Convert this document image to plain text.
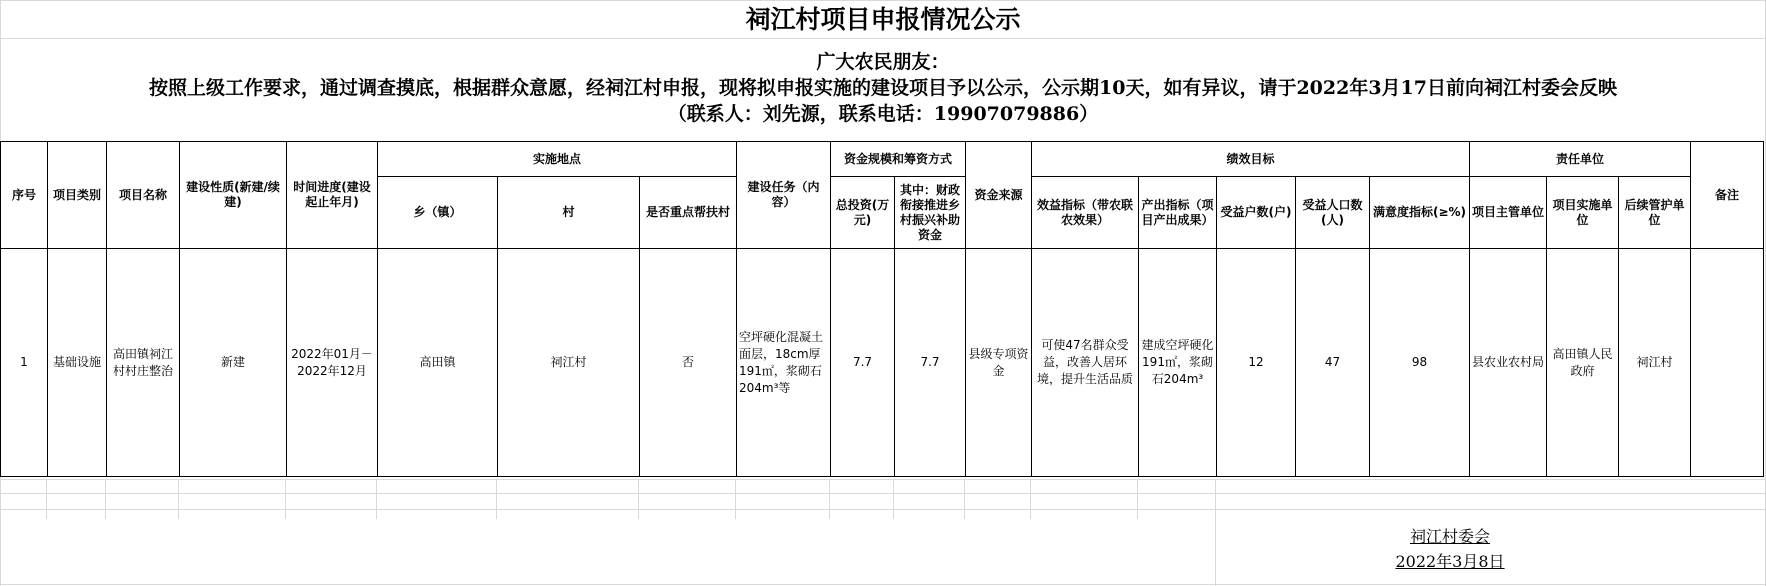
祠江村项目申报情况公示
广大农民朋友：
按照上级工作要求，通过调查摸底，根据群众意愿，经祠江村申报，现将拟申报实施的建设项目予以公示，公示期10天，如有异议，请于2022年3月17日前向祠江村委会反映
（联系人：刘先源，联系电话：19907079886）
序号	项目类别	项目名称	建设性质(新建/续建)	时间进度(建设起止年月)	实施地点			建设任务（内容）	资金规模和筹资方式		资金来源	绩效目标					责任单位			备注
					乡（镇）	村	是否重点帮扶村		总投资(万元)	其中：财政衔接推进乡村振兴补助资金		效益指标（带农联农效果）	产出指标（项目产出成果）	受益户数(户)	受益人口数(人)	满意度指标(≥%)	项目主管单位	项目实施单位	后续管护单位	
1	基础设施	高田镇祠江村村庄整治	新建	2022年01月－2022年12月	高田镇	祠江村	否	空坪硬化混凝土面层，18cm厚191㎡，浆砌石204m³等	7.7	7.7	县级专项资金	可使47名群众受益，改善人居环境，提升生活品质	建成空坪硬化191㎡，浆砌石204m³	12	47	98	县农业农村局	高田镇人民政府	祠江村	
祠江村委会
2022年3月8日
